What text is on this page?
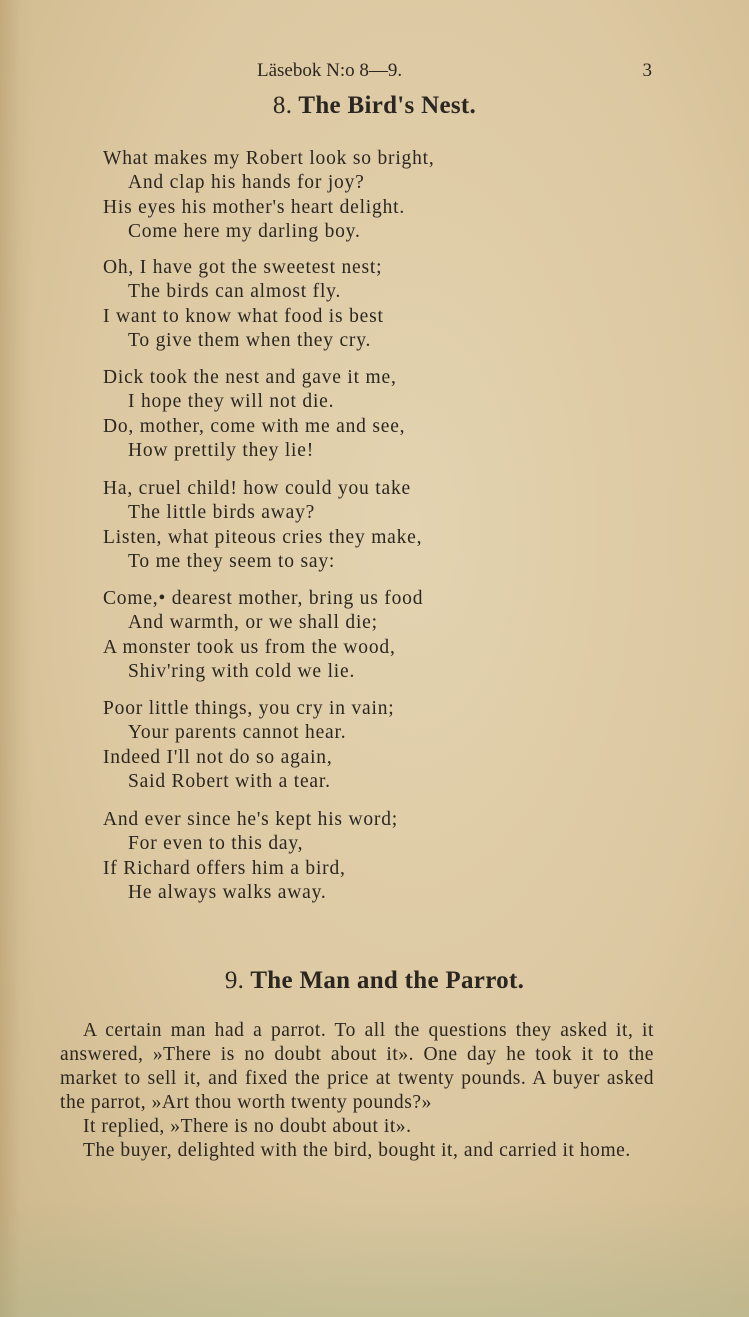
Läsebok N:o 8—9.	3
8. The Bird's Nest.
What makes my Robert look so bright,
And clap his hands for joy?
His eyes his mother's heart delight.
Come here my darling boy.
Oh, I have got the sweetest nest;
The birds can almost fly.
I want to know what food is best
To give them when they cry.
Dick took the nest and gave it me,
I hope they will not die.
Do, mother, come with me and see,
How prettily they lie!
Ha, cruel child! how could you take
The little birds away?
Listen, what piteous cries they make,
To me they seem to say:
Come,• dearest mother, bring us food
And warmth, or we shall die;
A monster took us from the wood,
Shiv'ring with cold we lie.
Poor little things, you cry in vain;
Your parents cannot hear.
Indeed I'll not do so again,
Said Robert with a tear.
And ever since he's kept his word;
For even to this day,
If Richard offers him a bird,
He always walks away.
9. The Man and the Parrot.
A certain man had a parrot. To all the questions they asked it, it answered, »There is no doubt about it». One day he took it to the market to sell it, and fixed the price at twenty pounds. A buyer asked the parrot, »Art thou worth twenty pounds?»
It replied, »There is no doubt about it».
The buyer, delighted with the bird, bought it, and carried it home.
